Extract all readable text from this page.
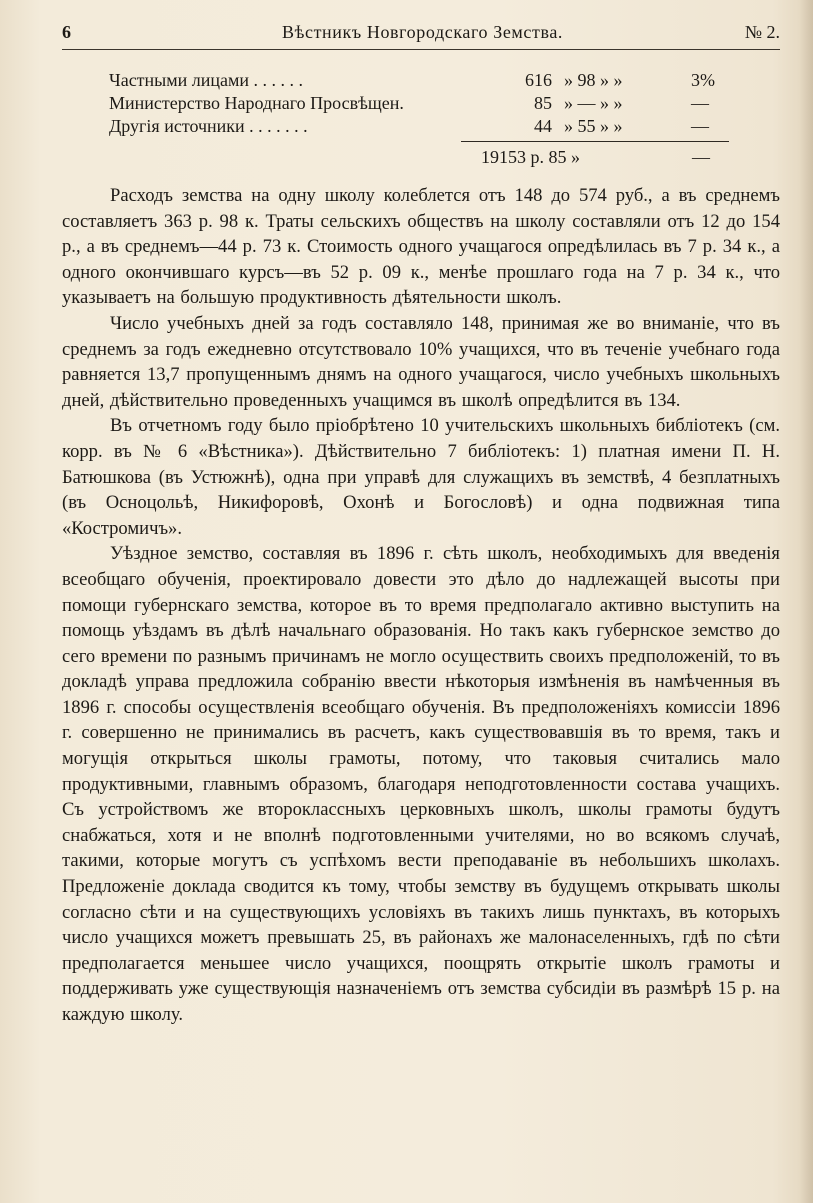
6	Вѣстникъ Новгородскаго Земства.	№ 2.
Частными лицами . . . . . .	616 » 98 » »	3%
Министерство Народнаго Просвѣщен.	85 » — » »	—
Другія источники . . . . . . .	44 » 55 » »	—
19153 р. 85 »	—

Расходъ земства на одну школу колеблется отъ 148 до 574 руб., а въ среднемъ составляетъ 363 р. 98 к. Траты сельскихъ обществъ на школу составляли отъ 12 до 154 р., а въ среднемъ—44 р. 73 к. Стоимость одного учащагося опредѣлилась въ 7 р. 34 к., а одного окончившаго курсъ—въ 52 р. 09 к., менѣе прошлаго года на 7 р. 34 к., что указываетъ на большую продуктивность дѣятельности школъ.

Число учебныхъ дней за годъ составляло 148, принимая же во вниманіе, что въ среднемъ за годъ ежедневно отсутствовало 10% учащихся, что въ теченіе учебнаго года равняется 13,7 пропущеннымъ днямъ на одного учащагося, число учебныхъ школьныхъ дней, дѣйствительно проведенныхъ учащимся въ школѣ опредѣлится въ 134.

Въ отчетномъ году было пріобрѣтено 10 учительскихъ школьныхъ библіотекъ (см. корр. въ № 6 «Вѣстника»). Дѣйствительно 7 библіотекъ: 1) платная имени П. Н. Батюшкова (въ Устюжнѣ), одна при управѣ для служащихъ въ земствѣ, 4 безплатныхъ (въ Осноцольѣ, Никифоровѣ, Охонѣ и Богословѣ) и одна подвижная типа «Костромичъ».

Уѣздное земство, составляя въ 1896 г. сѣть школъ, необходимыхъ для введенія всеобщаго обученія, проектировало довести это дѣло до надлежащей высоты при помощи губернскаго земства, которое въ то время предполагало активно выступить на помощь уѣздамъ въ дѣлѣ начальнаго образованія. Но такъ какъ губернское земство до сего времени по разнымъ причинамъ не могло осуществить своихъ предположеній, то въ докладѣ управа предложила собранію ввести нѣкоторыя измѣненія въ намѣченныя въ 1896 г. способы осуществленія всеобщаго обученія. Въ предположеніяхъ комиссіи 1896 г. совершенно не принимались въ расчетъ, какъ существовавшія въ то время, такъ и могущія открыться школы грамоты, потому, что таковыя считались мало продуктивными, главнымъ образомъ, благодаря неподготовленности состава учащихъ. Съ устройствомъ же второклассныхъ церковныхъ школъ, школы грамоты будутъ снабжаться, хотя и не вполнѣ подготовленными учителями, но во всякомъ случаѣ, такими, которые могутъ съ успѣхомъ вести преподаваніе въ небольшихъ школахъ. Предложеніе доклада сводится къ тому, чтобы земству въ будущемъ открывать школы согласно сѣти и на существующихъ условіяхъ въ такихъ лишь пунктахъ, въ которыхъ число учащихся можетъ превышать 25, въ районахъ же малонаселенныхъ, гдѣ по сѣти предполагается меньшее число учащихся, поощрять открытіе школъ грамоты и поддерживать уже существующія назначеніемъ отъ земства субсидіи въ размѣрѣ 15 р. на каждую школу.
